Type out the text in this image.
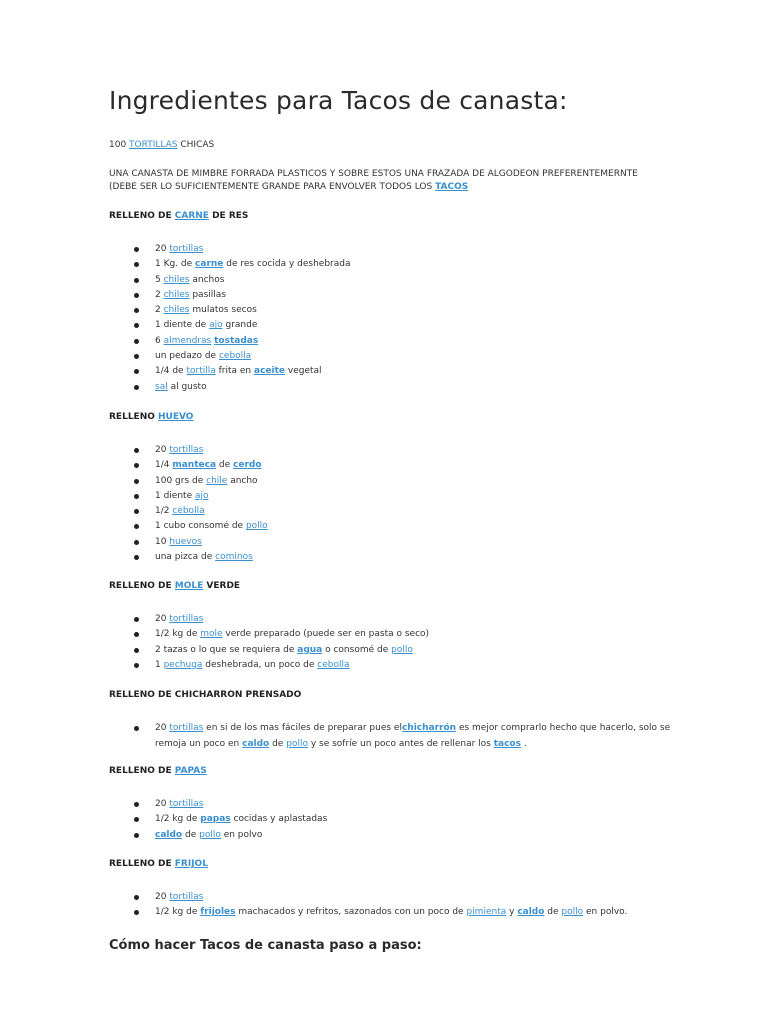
Ingredientes para Tacos de canasta:
100 TORTILLAS CHICAS
UNA CANASTA DE MIMBRE FORRADA PLASTICOS Y SOBRE ESTOS UNA FRAZADA DE ALGODEON PREFERENTEMERNTE
(DEBE SER LO SUFICIENTEMENTE GRANDE PARA ENVOLVER TODOS LOS TACOS
RELLENO DE CARNE DE RES
20 tortillas
1 Kg. de carne de res cocida y deshebrada
5 chiles anchos
2 chiles pasillas
2 chiles mulatos secos
1 diente de ajo grande
6 almendras tostadas
un pedazo de cebolla
1/4 de tortilla frita en aceite vegetal
sal al gusto
RELLENO HUEVO
20 tortillas
1/4 manteca de cerdo
100 grs de chile ancho
1 diente ajo
1/2 cebolla
1 cubo consomé de pollo
10 huevos
una pizca de cominos
RELLENO DE MOLE VERDE
20 tortillas
1/2 kg de mole verde preparado (puede ser en pasta o seco)
2 tazas o lo que se requiera de agua o consomé de pollo
1 pechuga deshebrada, un poco de cebolla
RELLENO DE CHICHARRON PRENSADO
20 tortillas en si de los mas fáciles de preparar pues elchicharrón es mejor comprarlo hecho que hacerlo, solo se remoja un poco en caldo de pollo y se sofríe un poco antes de rellenar los tacos .
RELLENO DE PAPAS
20 tortillas
1/2 kg de papas cocidas y aplastadas
caldo de pollo en polvo
RELLENO DE FRIJOL
20 tortillas
1/2 kg de frijoles machacados y refritos, sazonados con un poco de pimienta y caldo de pollo en polvo.
Cómo hacer Tacos de canasta paso a paso:
